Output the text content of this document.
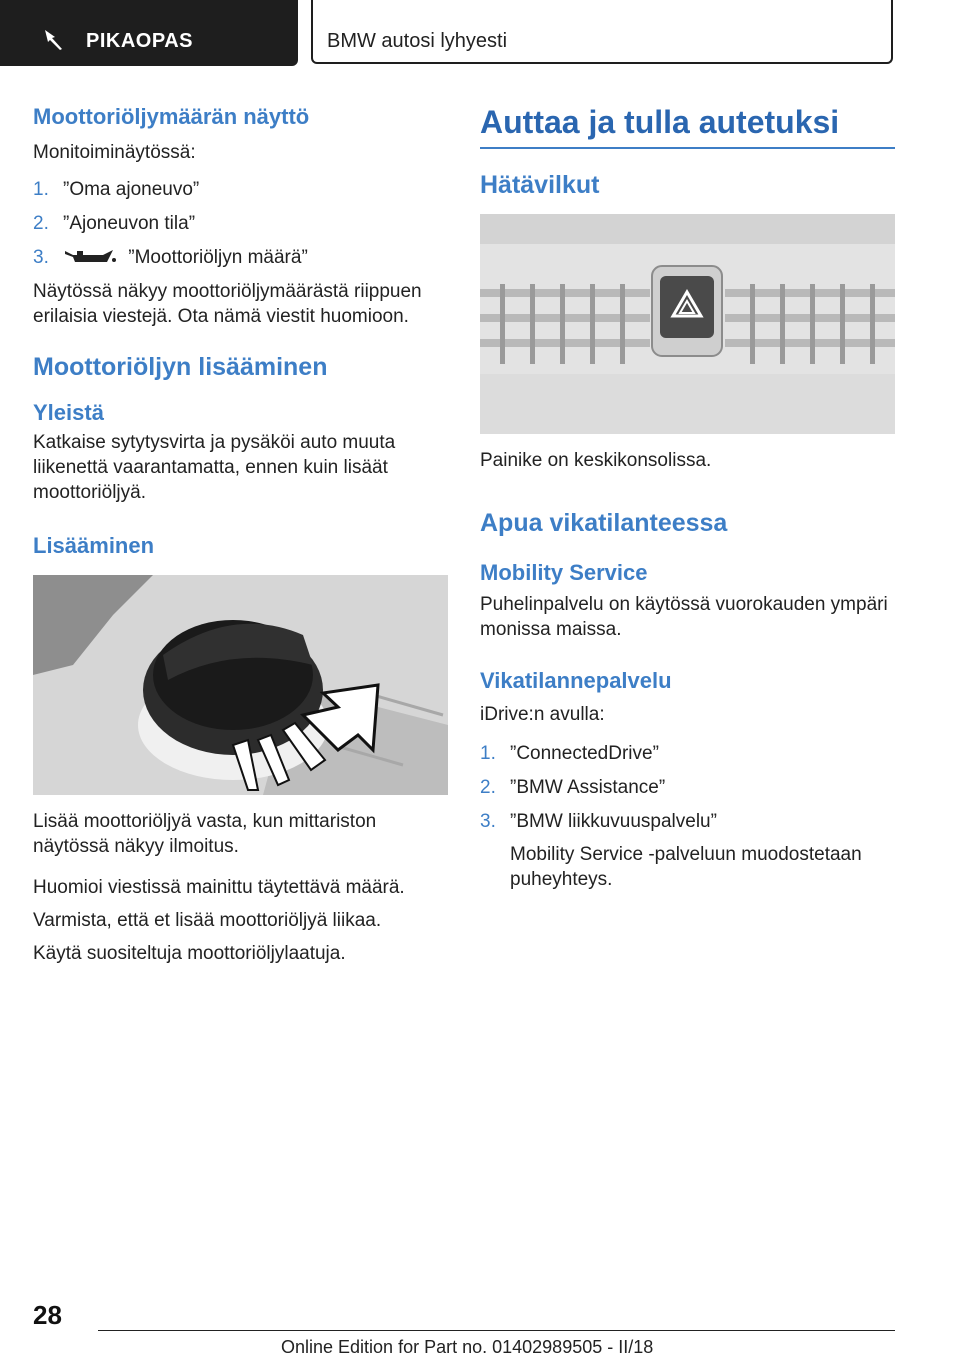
PIKAOPAS	BMW autosi lyhyesti
Moottoriöljymäärän näyttö

Monitoiminäytössä:

1. ”Oma ajoneuvo”
2. ”Ajoneuvon tila”
3.	”Moottoriöljyn määrä”

Näytössä näkyy moottoriöljymäärästä riippuen erilaisia viestejä. Ota nämä viestit huomioon.

Moottoriöljyn lisääminen
Yleistä

Katkaise sytytysvirta ja pysäköi auto muuta liikenettä vaarantamatta, ennen kuin lisäät moottoriöljyä.

Lisääminen

Lisää moottoriöljyä vasta, kun mittariston näytössä näkyy ilmoitus.

Huomioi viestissä mainittu täytettävä määrä.

Varmista, että et lisää moottoriöljyä liikaa.

Käytä suositeltuja moottoriöljylaatuja.

Auttaa ja tulla autetuksi
Hätävilkut

Painike on keskikonsolissa.

Apua vikatilanteessa
Mobility Service

Puhelinpalvelu on käytössä vuorokauden ympäri monissa maissa.

Vikatilannepalvelu

iDrive:n avulla:

1. ”ConnectedDrive”
2. ”BMW Assistance”
3. ”BMW liikkuvuuspalvelu”
Mobility Service -palveluun muodostetaan puheyhteys.
28
Online Edition for Part no. 01402989505 - II/18
